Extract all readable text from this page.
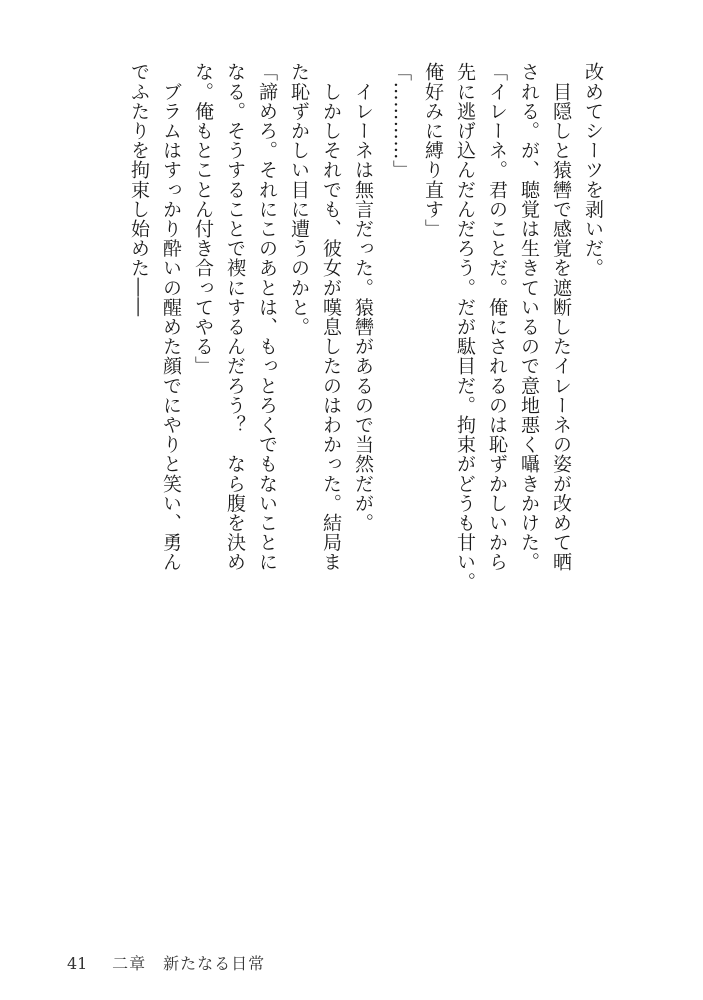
改めてシーツを剥いだ。

　目隠しと猿轡で感覚を遮断したイレーネの姿が改めて晒

される。が、聴覚は生きているので意地悪く囁きかけた。

「イレーネ。君のことだ。俺にされるのは恥ずかしいから

先に逃げ込んだんだろう。だが駄目だ。拘束がどうも甘い。

俺好みに縛り直す」

「…………」

　イレーネは無言だった。猿轡があるので当然だが。

　しかしそれでも、彼女が嘆息したのはわかった。結局ま

た恥ずかしい目に遭うのかと。

「諦めろ。それにこのあとは、もっとろくでもないことに

なる。そうすることで禊にするんだろう？　なら腹を決め

な。俺もとことん付き合ってやる」

　ブラムはすっかり酔いの醒めた顔でにやりと笑い、勇ん

でふたりを拘束し始めた――

41 二章　新たなる日常
